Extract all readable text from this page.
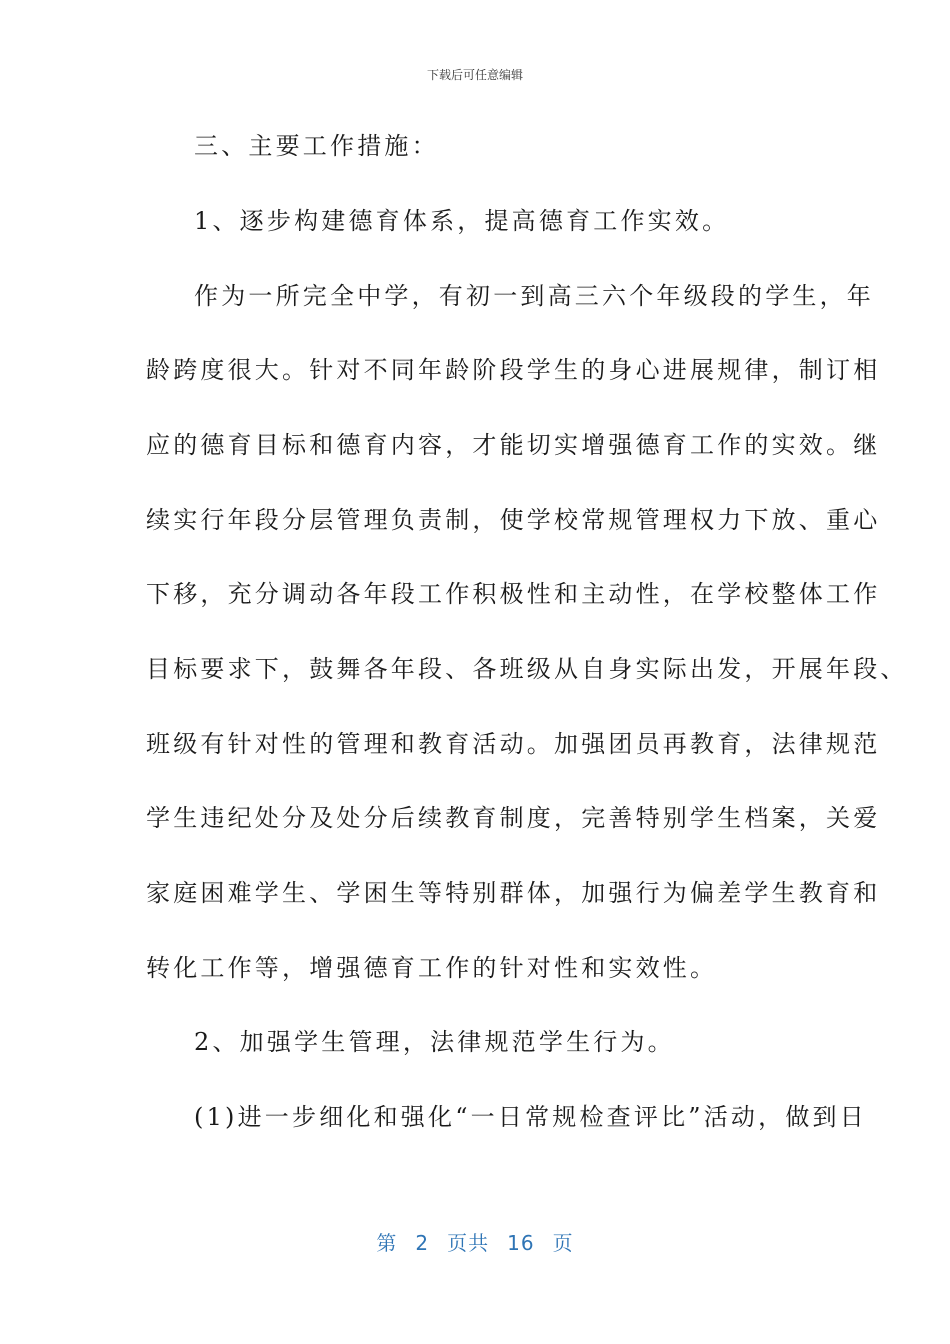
下载后可任意编辑
三、主要工作措施：
1、逐步构建德育体系，提高德育工作实效。
作为一所完全中学，有初一到高三六个年级段的学生，年
龄跨度很大。针对不同年龄阶段学生的身心进展规律，制订相
应的德育目标和德育内容，才能切实增强德育工作的实效。继
续实行年段分层管理负责制，使学校常规管理权力下放、重心
下移，充分调动各年段工作积极性和主动性，在学校整体工作
目标要求下，鼓舞各年段、各班级从自身实际出发，开展年段、
班级有针对性的管理和教育活动。加强团员再教育，法律规范
学生违纪处分及处分后续教育制度，完善特别学生档案，关爱
家庭困难学生、学困生等特别群体，加强行为偏差学生教育和
转化工作等，增强德育工作的针对性和实效性。
2、加强学生管理，法律规范学生行为。
(1)进一步细化和强化“一日常规检查评比”活动，做到日
第 2 页共 16 页
